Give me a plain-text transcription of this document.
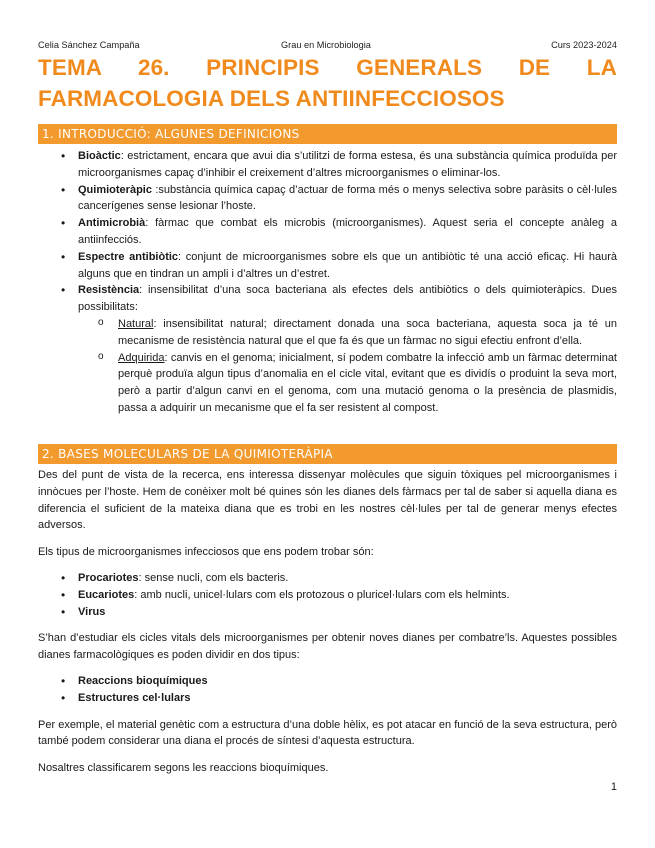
Celia Sánchez Campaña	Grau en Microbiologia	Curs 2023-2024
TEMA 26. PRINCIPIS GENERALS DE LA FARMACOLOGIA DELS ANTIINFECCIOSOS
1. INTRODUCCIÓ: ALGUNES DEFINICIONS
• Bioàctic: estrictament, encara que avui dia s’utilitzi de forma estesa, és una substància química produïda per microorganismes capaç d’inhibir el creixement d’altres microorganismes o eliminar-los.
• Quimioteràpic :substància química capaç d’actuar de forma més o menys selectiva sobre paràsits o cèl·lules cancerígenes sense lesionar l’hoste.
• Antimicrobià: fàrmac que combat els microbis (microorganismes). Aquest seria el concepte anàleg a antiinfecciós.
• Espectre antibiòtic: conjunt de microorganismes sobre els que un antibiòtic té una acció eficaç. Hi haurà alguns que en tindran un ampli i d’altres un d’estret.
• Resistència: insensibilitat d’una soca bacteriana als efectes dels antibiòtics o dels quimioteràpics. Dues possibilitats:
o Natural: insensibilitat natural; directament donada una soca bacteriana, aquesta soca ja té un mecanisme de resistència natural que el que fa és que un fàrmac no sigui efectiu enfront d’ella.
o Adquirida: canvis en el genoma; inicialment, sí podem combatre la infecció amb un fàrmac determinat perquè produïa algun tipus d’anomalia en el cicle vital, evitant que es dividís o produint la seva mort, però a partir d’algun canvi en el genoma, com una mutació genoma o la presència de plasmidis, passa a adquirir un mecanisme que el fa ser resistent al compost.
2. BASES MOLECULARS DE LA QUIMIOTERÀPIA

Des del punt de vista de la recerca, ens interessa dissenyar molècules que siguin tòxiques pel microorganismes i innòcues per l’hoste. Hem de conèixer molt bé quines són les dianes dels fàrmacs per tal de saber si aquella diana es diferencia el suficient de la mateixa diana que es trobi en les nostres cèl·lules per tal de generar menys efectes adversos.

Els tipus de microorganismes infecciosos que ens podem trobar són:

• Procariotes: sense nucli, com els bacteris.
• Eucariotes: amb nucli, unicel·lulars com els protozous o pluricel·lulars com els helmints.
• Virus

S’han d’estudiar els cicles vitals dels microorganismes per obtenir noves dianes per combatre’ls. Aquestes possibles dianes farmacològiques es poden dividir en dos tipus:

• Reaccions bioquímiques
• Estructures cel·lulars

Per exemple, el material genètic com a estructura d’una doble hèlix, es pot atacar en funció de la seva estructura, però també podem considerar una diana el procés de síntesi d’aquesta estructura.

Nosaltres classificarem segons les reaccions bioquímiques.

1
